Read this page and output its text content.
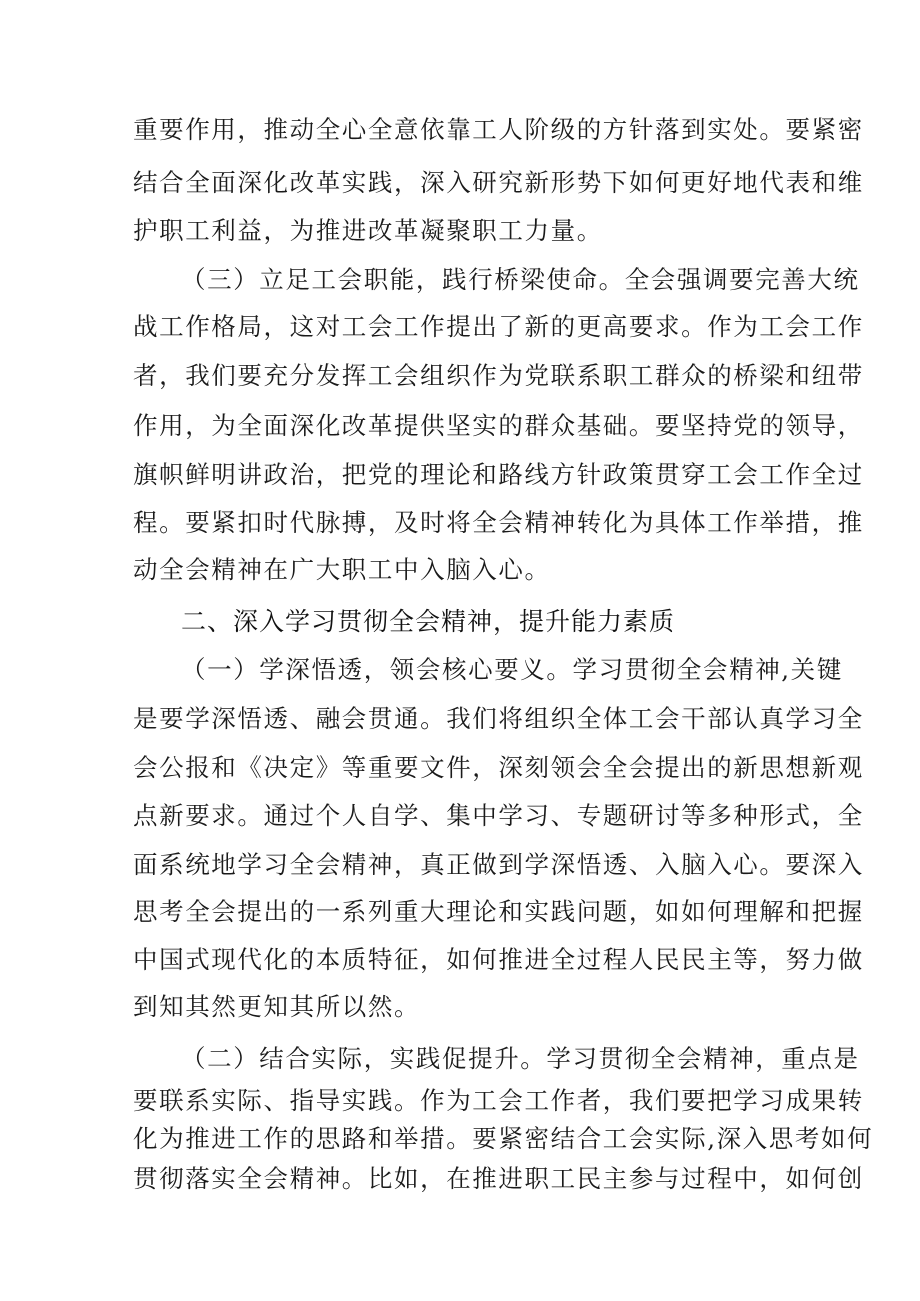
重要作用，推动全心全意依靠工人阶级的方针落到实处。要紧密
结合全面深化改革实践，深入研究新形势下如何更好地代表和维
护职工利益，为推进改革凝聚职工力量。
（三）立足工会职能，践行桥梁使命。全会强调要完善大统
战工作格局，这对工会工作提出了新的更高要求。作为工会工作
者，我们要充分发挥工会组织作为党联系职工群众的桥梁和纽带
作用，为全面深化改革提供坚实的群众基础。要坚持党的领导，
旗帜鲜明讲政治，把党的理论和路线方针政策贯穿工会工作全过
程。要紧扣时代脉搏，及时将全会精神转化为具体工作举措，推
动全会精神在广大职工中入脑入心。
二、深入学习贯彻全会精神，提升能力素质
（一）学深悟透，领会核心要义。学习贯彻全会精神,关键
是要学深悟透、融会贯通。我们将组织全体工会干部认真学习全
会公报和《决定》等重要文件，深刻领会全会提出的新思想新观
点新要求。通过个人自学、集中学习、专题研讨等多种形式，全
面系统地学习全会精神，真正做到学深悟透、入脑入心。要深入
思考全会提出的一系列重大理论和实践问题，如如何理解和把握
中国式现代化的本质特征，如何推进全过程人民民主等，努力做
到知其然更知其所以然。
（二）结合实际，实践促提升。学习贯彻全会精神，重点是
要联系实际、指导实践。作为工会工作者，我们要把学习成果转
化为推进工作的思路和举措。要紧密结合工会实际,深入思考如何
贯彻落实全会精神。比如，在推进职工民主参与过程中，如何创
